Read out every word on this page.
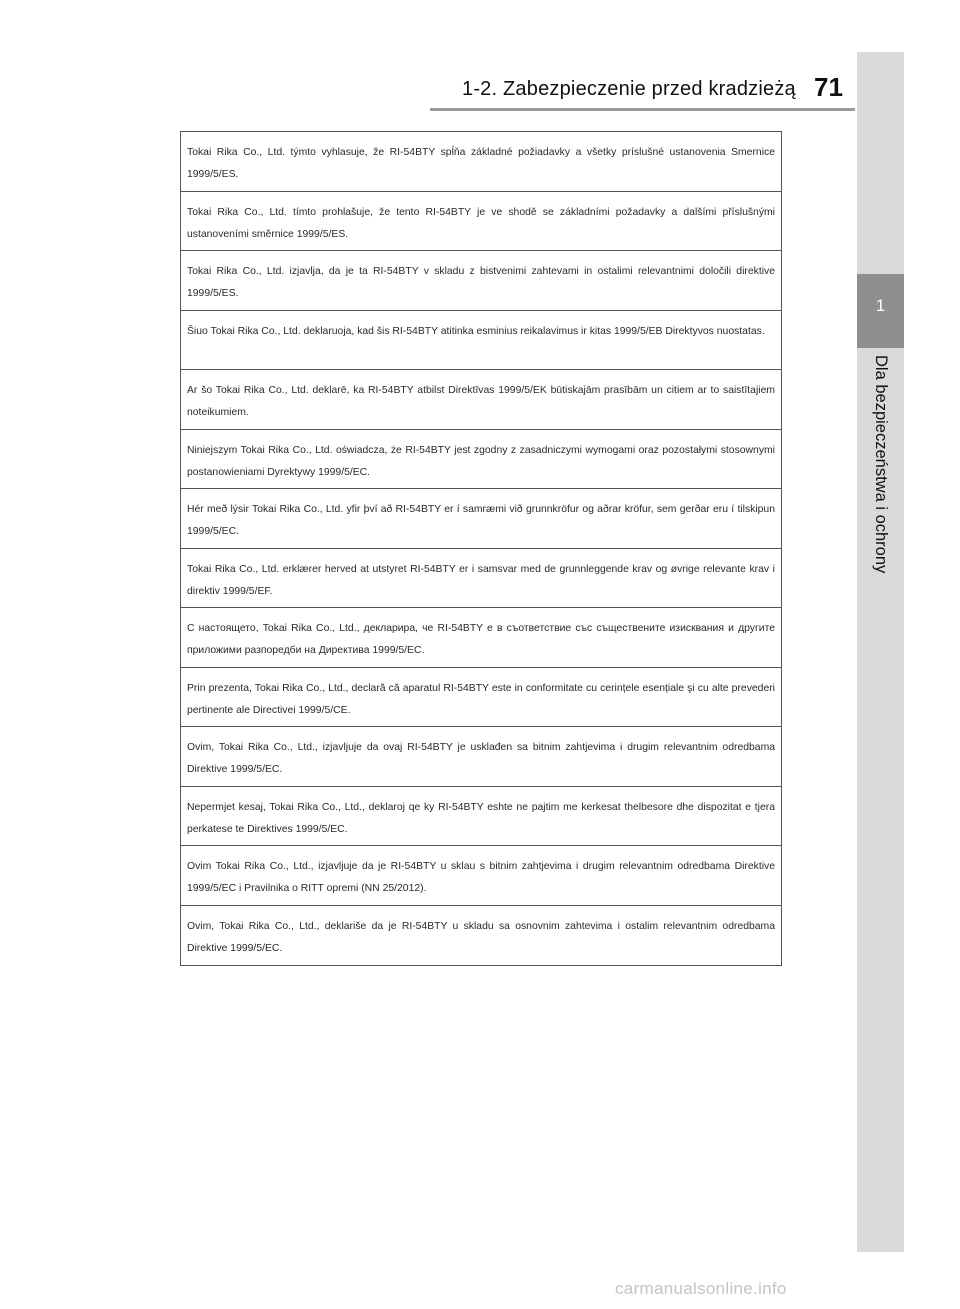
1-2. Zabezpieczenie przed kradzieżą 71
1
Dla bezpieczeństwa i ochrony
Tokai Rika Co., Ltd. týmto vyhlasuje, že RI-54BTY spĺňa základné požiadavky a všetky príslušné ustanovenia Smernice 1999/5/ES.
Tokai Rika Co., Ltd. tímto prohlašuje, že tento RI-54BTY je ve shodě se základními požadavky a dalšími příslušnými ustanoveními směrnice 1999/5/ES.
Tokai Rika Co., Ltd. izjavlja, da je ta RI-54BTY v skladu z bistvenimi zahtevami in ostalimi relevantnimi določili direktive 1999/5/ES.
Šiuo Tokai Rika Co., Ltd. deklaruoja, kad šis RI-54BTY atitinka esminius reikalavimus ir kitas 1999/5/EB Direktyvos nuostatas.
Ar šo Tokai Rika Co., Ltd. deklarē, ka RI-54BTY atbilst Direktīvas 1999/5/EK būtiskajām prasībām un citiem ar to saistītajiem noteikumiem.
Niniejszym Tokai Rika Co., Ltd. oświadcza, że RI-54BTY jest zgodny z zasadniczymi wymogami oraz pozostałymi stosownymi postanowieniami Dyrektywy 1999/5/EC.
Hér með lýsir Tokai Rika Co., Ltd. yfir því að RI-54BTY er í samræmi við grunnkröfur og aðrar kröfur, sem gerðar eru í tilskipun 1999/5/EC.
Tokai Rika Co., Ltd. erklærer herved at utstyret RI-54BTY er i samsvar med de grunnleggende krav og øvrige relevante krav i direktiv 1999/5/EF.
С настоящето, Tokai Rika Co., Ltd., декларира, че RI-54BTY е в съответствие със съществените изисквания и другите приложими разпоредби на Директива 1999/5/ЕС.
Prin prezenta, Tokai Rika Co., Ltd., declară că aparatul RI-54BTY este in conformitate cu cerințele esențiale şi cu alte prevederi pertinente ale Directivei 1999/5/CE.
Ovim, Tokai Rika Co., Ltd., izjavljuje da ovaj RI-54BTY je usklađen sa bitnim zahtjevima i drugim relevantnim odredbama Direktive 1999/5/EC.
Nepermjet kesaj, Tokai Rika Co., Ltd., deklaroj qe ky RI-54BTY eshte ne pajtim me kerkesat thelbesore dhe dispozitat e tjera perkatese te Direktives 1999/5/EC.
Ovim Tokai Rika Co., Ltd., izjavljuje da je RI-54BTY u sklau s bitnim zahtjevima i drugim relevantnim odredbama Direktive 1999/5/EC i Pravilnika o RITT opremi (NN 25/2012).
Ovim, Tokai Rika Co., Ltd., deklariše da je RI-54BTY u skladu sa osnovnim zahtevima i ostalim relevantnim odredbama Direktive 1999/5/EC.
carmanualsonline.info
